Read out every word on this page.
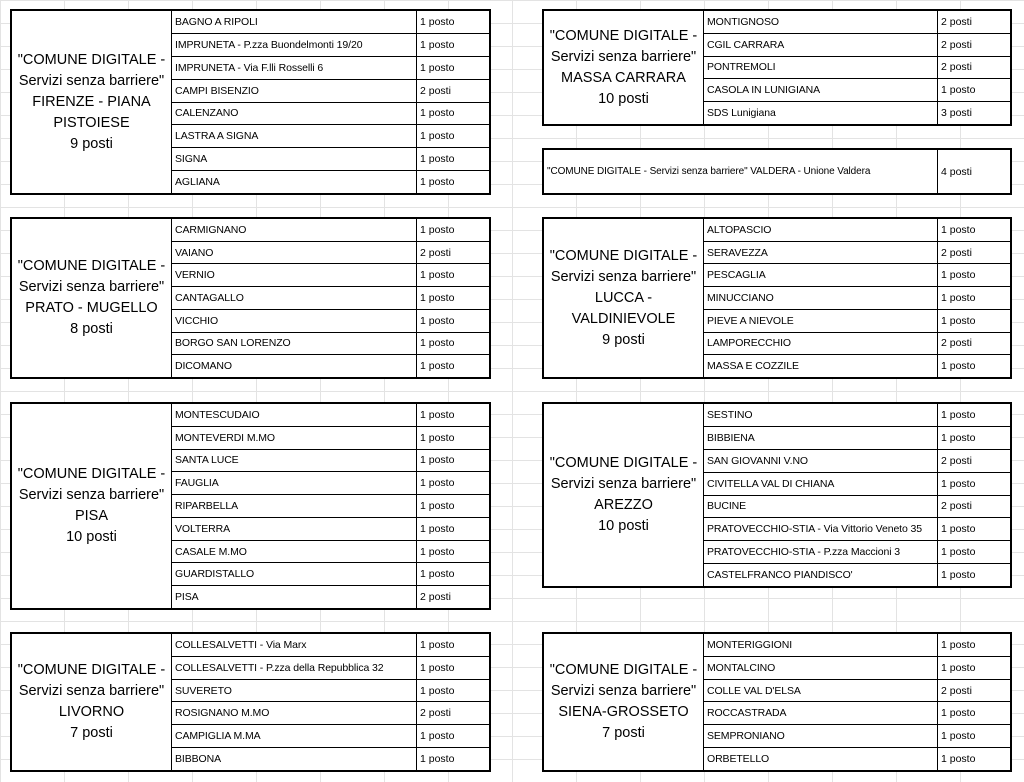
"COMUNE DIGITALE -
Servizi senza barriere"
FIRENZE - PIANA
PISTOIESE
9 posti
BAGNO A RIPOLI	1 posto
IMPRUNETA - P.zza Buondelmonti 19/20	1 posto
IMPRUNETA - Via F.lli Rosselli 6	1 posto
CAMPI BISENZIO	2 posti
CALENZANO	1 posto
LASTRA A SIGNA	1 posto
SIGNA	1 posto
AGLIANA	1 posto
"COMUNE DIGITALE -
Servizi senza barriere"
PRATO - MUGELLO
8 posti
CARMIGNANO	1 posto
VAIANO	2 posti
VERNIO	1 posto
CANTAGALLO	1 posto
VICCHIO	1 posto
BORGO SAN LORENZO	1 posto
DICOMANO	1 posto
"COMUNE DIGITALE -
Servizi senza barriere"
PISA
10 posti
MONTESCUDAIO	1 posto
MONTEVERDI M.MO	1 posto
SANTA LUCE	1 posto
FAUGLIA	1 posto
RIPARBELLA	1 posto
VOLTERRA	1 posto
CASALE M.MO	1 posto
GUARDISTALLO	1 posto
PISA	2 posti
"COMUNE DIGITALE -
Servizi senza barriere"
LIVORNO
7 posti
COLLESALVETTI - Via Marx	1 posto
COLLESALVETTI - P.zza della Repubblica 32	1 posto
SUVERETO	1 posto
ROSIGNANO M.MO	2 posti
CAMPIGLIA M.MA	1 posto
BIBBONA	1 posto
"COMUNE DIGITALE -
Servizi senza barriere"
MASSA CARRARA
10 posti
MONTIGNOSO	2 posti
CGIL CARRARA	2 posti
PONTREMOLI	2 posti
CASOLA IN LUNIGIANA	1 posto
SDS Lunigiana	3 posti
"COMUNE DIGITALE - Servizi senza barriere" VALDERA - Unione Valdera	4 posti
"COMUNE DIGITALE -
Servizi senza barriere"
LUCCA - VALDINIEVOLE
9 posti
ALTOPASCIO	1 posto
SERAVEZZA	2 posti
PESCAGLIA	1 posto
MINUCCIANO	1 posto
PIEVE A NIEVOLE	1 posto
LAMPORECCHIO	2 posti
MASSA E COZZILE	1 posto
"COMUNE DIGITALE -
Servizi senza barriere"
AREZZO
10 posti
SESTINO	1 posto
BIBBIENA	1 posto
SAN GIOVANNI V.NO	2 posti
CIVITELLA VAL DI CHIANA	1 posto
BUCINE	2 posti
PRATOVECCHIO-STIA - Via Vittorio Veneto 35	1 posto
PRATOVECCHIO-STIA - P.zza Maccioni 3	1 posto
CASTELFRANCO PIANDISCO'	1 posto
"COMUNE DIGITALE -
Servizi senza barriere"
SIENA-GROSSETO
7 posti
MONTERIGGIONI	1 posto
MONTALCINO	1 posto
COLLE VAL D'ELSA	2 posti
ROCCASTRADA	1 posto
SEMPRONIANO	1 posto
ORBETELLO	1 posto
